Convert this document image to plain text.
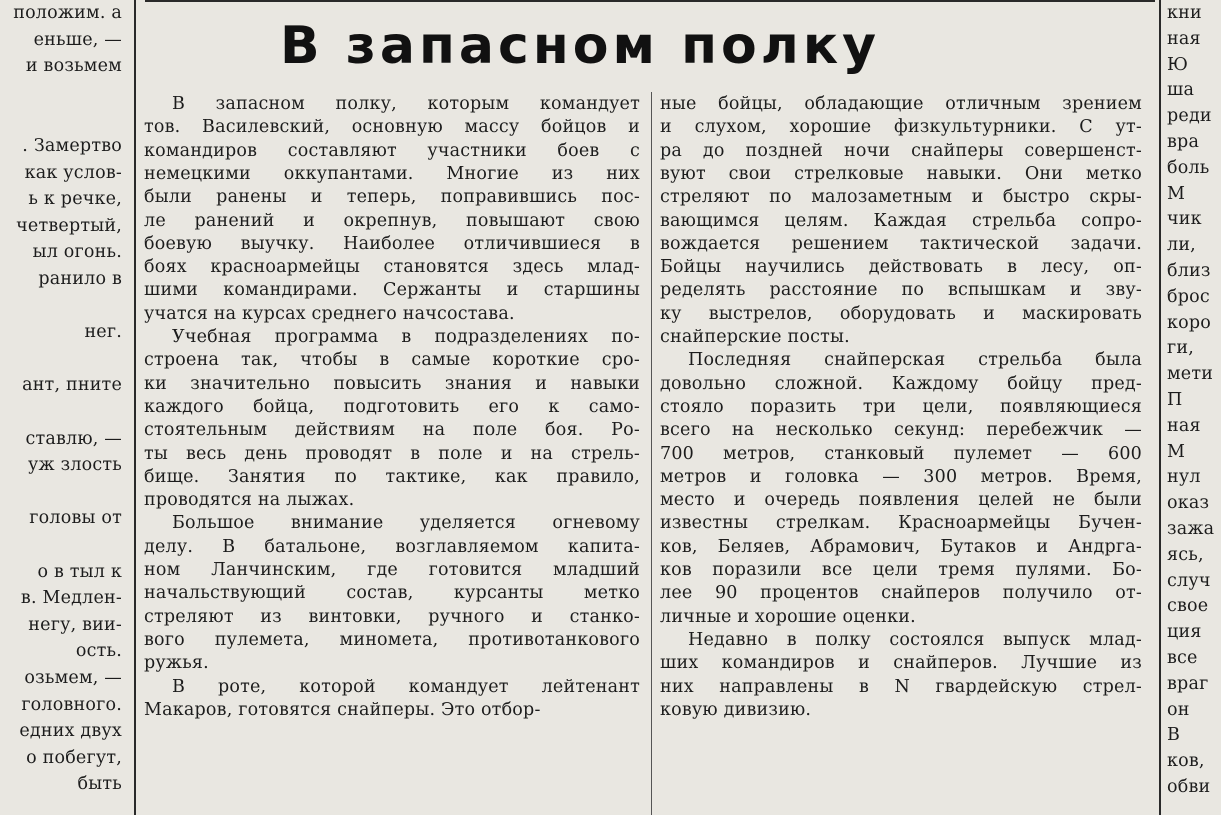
В запасном полку
положим. а
еньше, —
и возьмем
. Замертво
как услов-
ь к речке,
четвертый,
ыл огонь.
ранило в
нег.
ант, пните
ставлю, —
уж злость
головы от
о в тыл к
в. Медлен-
негу, вии-
ость.
озьмем, —
головного.
едних двух
о побегут,
быть
В запасном полку, которым командует
тов. Василевский, основную массу бойцов и
командиров составляют участники боев с
немецкими оккупантами. Многие из них
были ранены и теперь, поправившись пос-
ле ранений и окрепнув, повышают свою
боевую выучку. Наиболее отличившиеся в
боях красноармейцы становятся здесь млад-
шими командирами. Сержанты и старшины
учатся на курсах среднего начсостава.
Учебная программа в подразделениях по-
строена так, чтобы в самые короткие сро-
ки значительно повысить знания и навыки
каждого бойца, подготовить его к само-
стоятельным действиям на поле боя. Ро-
ты весь день проводят в поле и на стрель-
бище. Занятия по тактике, как правило,
проводятся на лыжах.
Большое внимание уделяется огневому
делу. В батальоне, возглавляемом капита-
ном Ланчинским, где готовится младший
начальствующий состав, курсанты метко
стреляют из винтовки, ручного и станко-
вого пулемета, миномета, противотанкового
ружья.
В роте, которой командует лейтенант
Макаров, готовятся снайперы. Это отбор-
ные бойцы, обладающие отличным зрением
и слухом, хорошие физкультурники. С ут-
ра до поздней ночи снайперы совершенст-
вуют свои стрелковые навыки. Они метко
стреляют по малозаметным и быстро скры-
вающимся целям. Каждая стрельба сопро-
вождается решением тактической задачи.
Бойцы научились действовать в лесу, оп-
ределять расстояние по вспышкам и зву-
ку выстрелов, оборудовать и маскировать
снайперские посты.
Последняя снайперская стрельба была
довольно сложной. Каждому бойцу пред-
стояло поразить три цели, появляющиеся
всего на несколько секунд: перебежчик —
700 метров, станковый пулемет — 600
метров и головка — 300 метров. Время,
место и очередь появления целей не были
известны стрелкам. Красноармейцы Бучен-
ков, Беляев, Абрамович, Бутаков и Андрга-
ков поразили все цели тремя пулями. Бо-
лее 90 процентов снайперов получило от-
личные и хорошие оценки.
Недавно в полку состоялся выпуск млад-
ших командиров и снайперов. Лучшие из
них направлены в N гвардейскую стрел-
ковую дивизию.
кни
ная
Ю
ша
реди
вра
боль
М
чик
ли,
близ
брос
коро
ги,
мети
П
ная
М
нул
оказ
зажа
ясь,
случ
свое
ция
все
враг
он
В
ков,
обви
